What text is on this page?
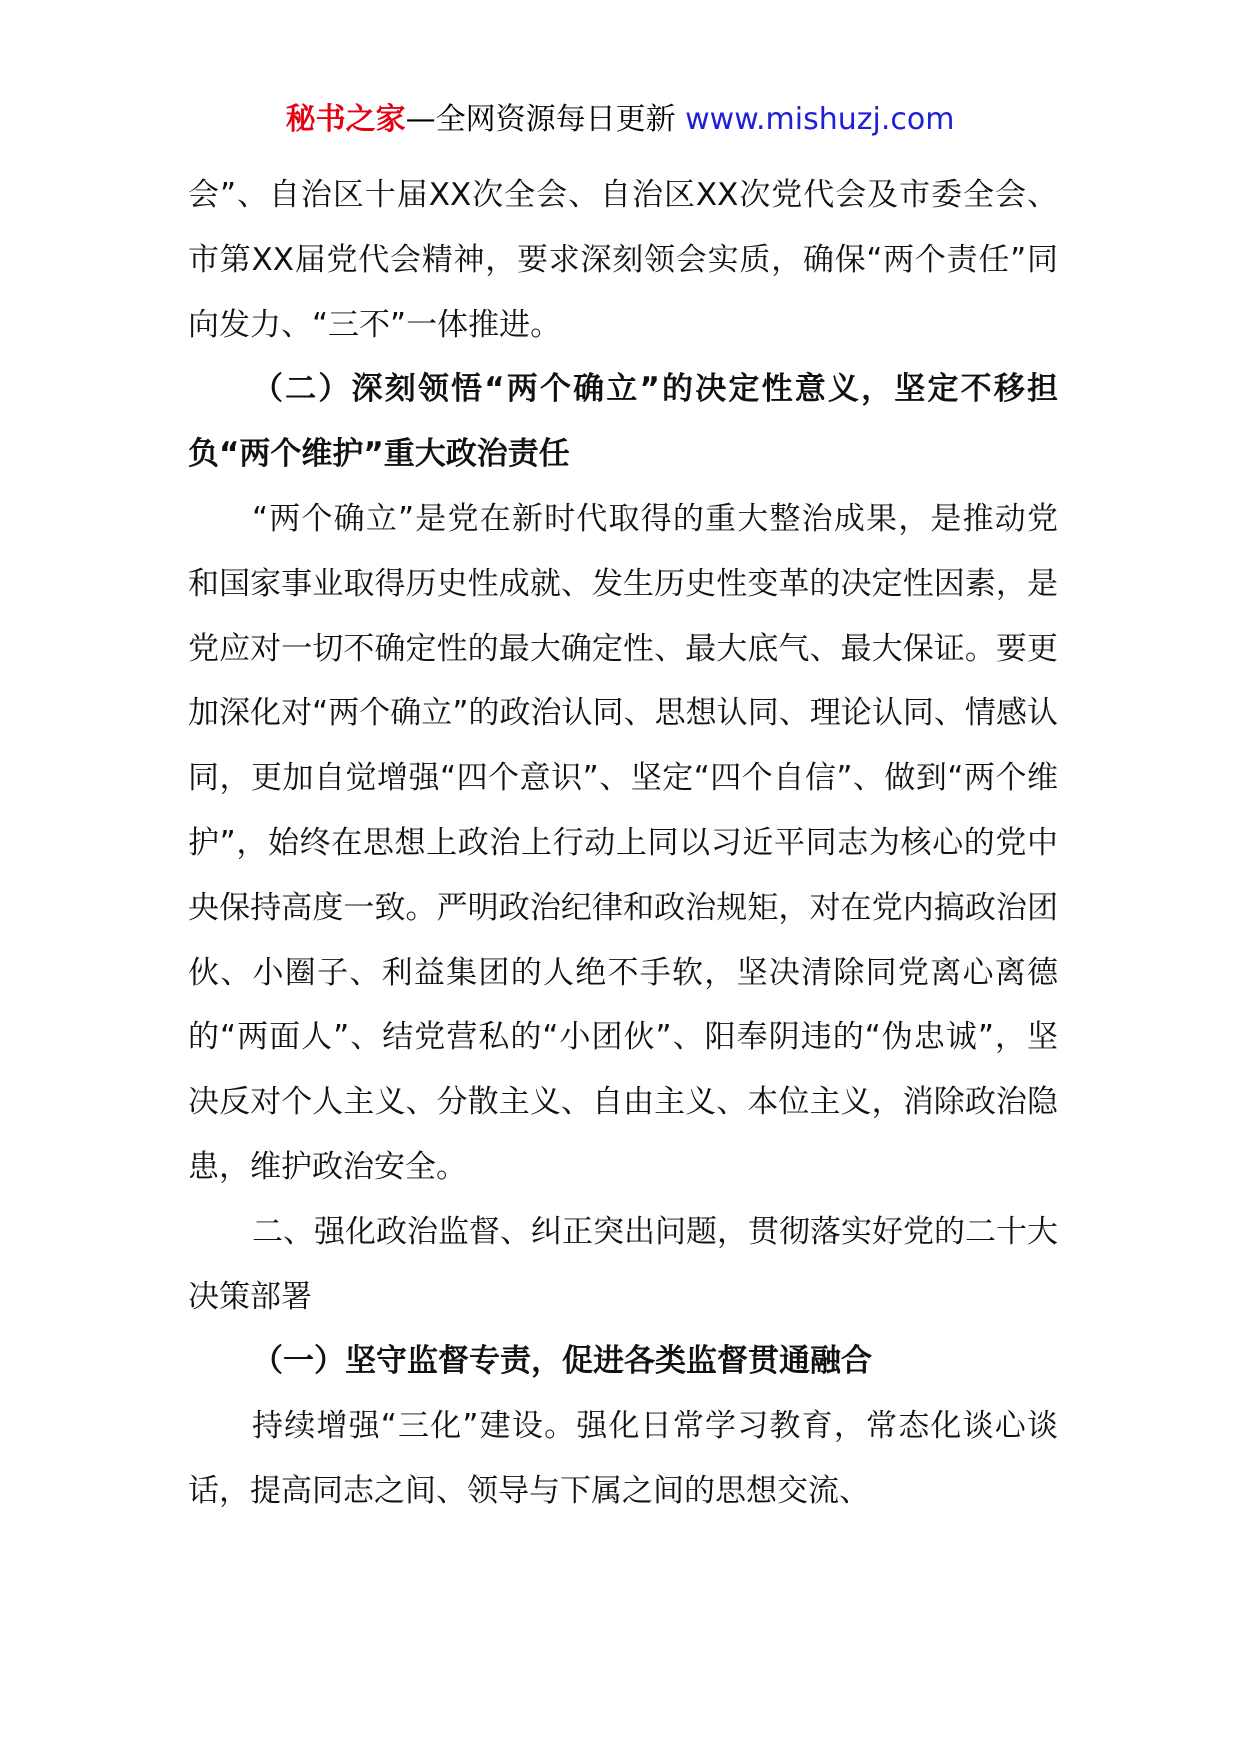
秘书之家—全网资源每日更新 www.mishuzj.com

会”、自治区十届XX次全会、自治区XX次党代会及市委全会、市第XX届党代会精神，要求深刻领会实质，确保“两个责任”同向发力、“三不”一体推进。

（二）深刻领悟“两个确立”的决定性意义，坚定不移担负“两个维护”重大政治责任

“两个确立”是党在新时代取得的重大整治成果，是推动党和国家事业取得历史性成就、发生历史性变革的决定性因素，是党应对一切不确定性的最大确定性、最大底气、最大保证。要更加深化对“两个确立”的政治认同、思想认同、理论认同、情感认同，更加自觉增强“四个意识”、坚定“四个自信”、做到“两个维护”，始终在思想上政治上行动上同以习近平同志为核心的党中央保持高度一致。严明政治纪律和政治规矩，对在党内搞政治团伙、小圈子、利益集团的人绝不手软，坚决清除同党离心离德的“两面人”、结党营私的“小团伙”、阳奉阴违的“伪忠诚”，坚决反对个人主义、分散主义、自由主义、本位主义，消除政治隐患，维护政治安全。

二、强化政治监督、纠正突出问题，贯彻落实好党的二十大决策部署

（一）坚守监督专责，促进各类监督贯通融合

持续增强“三化”建设。强化日常学习教育，常态化谈心谈话，提高同志之间、领导与下属之间的思想交流、
